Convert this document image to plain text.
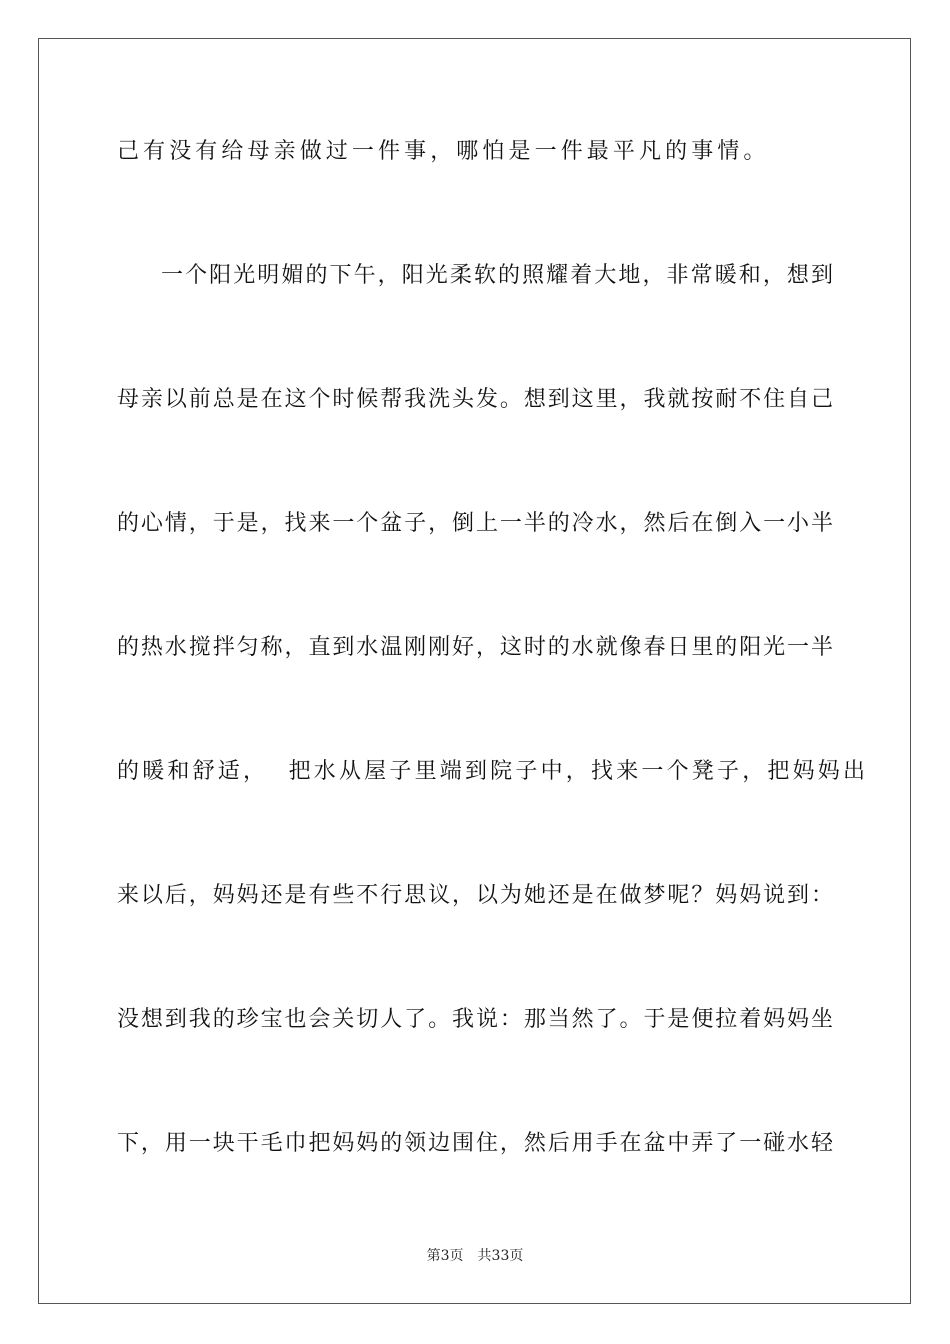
己有没有给母亲做过一件事，哪怕是一件最平凡的事情。
一个阳光明媚的下午，阳光柔软的照耀着大地，非常暖和，想到
母亲以前总是在这个时候帮我洗头发。想到这里，我就按耐不住自己
的心情，于是，找来一个盆子，倒上一半的冷水，然后在倒入一小半
的热水搅拌匀称，直到水温刚刚好，这时的水就像春日里的阳光一半
的暖和舒适，  把水从屋子里端到院子中，找来一个凳子，把妈妈出
来以后，妈妈还是有些不行思议，以为她还是在做梦呢？妈妈说到：
没想到我的珍宝也会关切人了。我说：那当然了。于是便拉着妈妈坐
下，用一块干毛巾把妈妈的领边围住，然后用手在盆中弄了一碰水轻
第3页 共33页
